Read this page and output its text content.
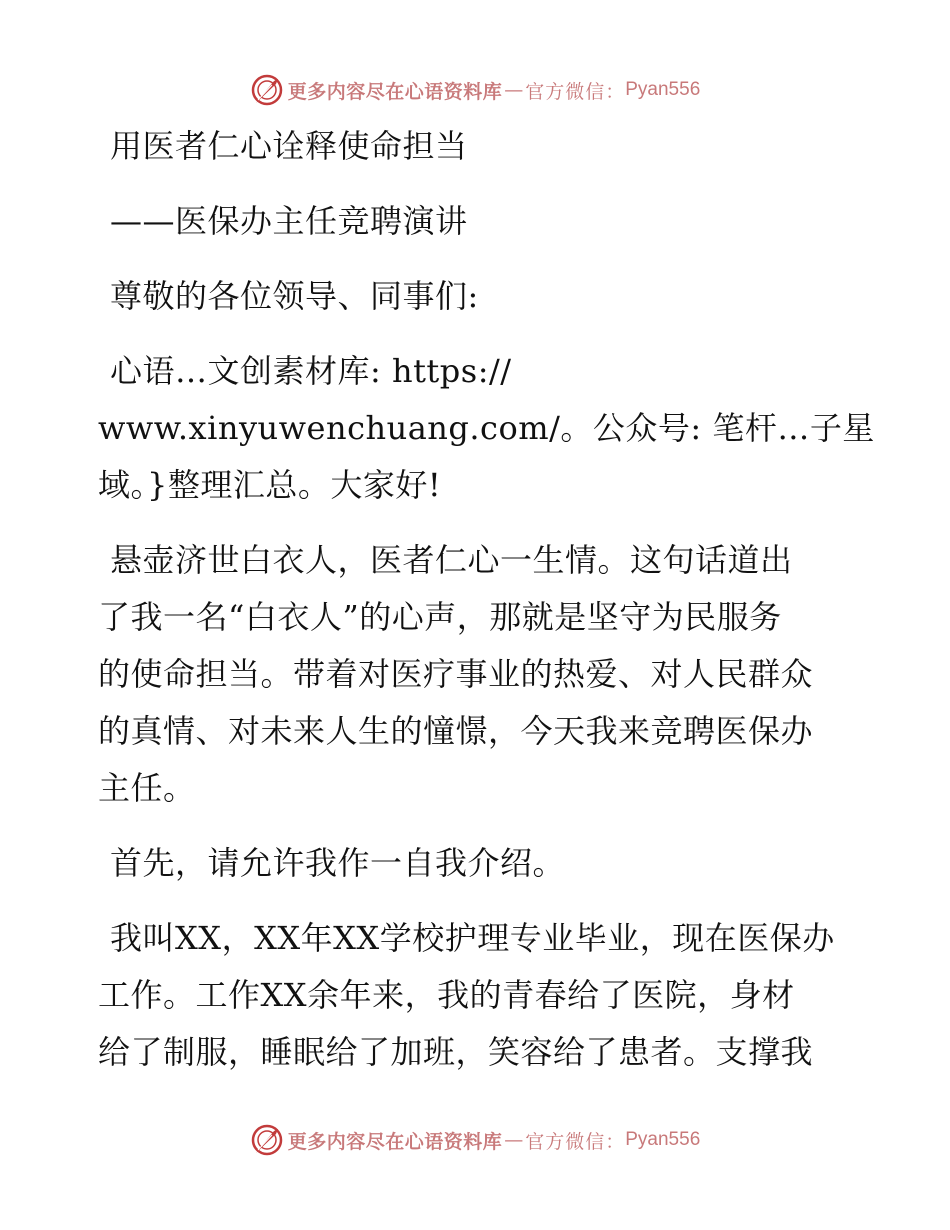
更多内容尽在心语资料库 — 官方微信： Pyan556
用医者仁心诠释使命担当
——医保办主任竞聘演讲
尊敬的各位领导、同事们:
心语…文创素材库: https://
www.xinyuwenchuang.com/。公众号: 笔杆…子星
域。}整理汇总。大家好!
悬壶济世白衣人，医者仁心一生情。这句话道出
了我一名“白衣人”的心声，那就是坚守为民服务
的使命担当。带着对医疗事业的热爱、对人民群众
的真情、对未来人生的憧憬，今天我来竞聘医保办
主任。
首先，请允许我作一自我介绍。
我叫XX，XX年XX学校护理专业毕业，现在医保办
工作。工作XX余年来，我的青春给了医院，身材
给了制服，睡眠给了加班，笑容给了患者。支撑我
更多内容尽在心语资料库 — 官方微信： Pyan556
